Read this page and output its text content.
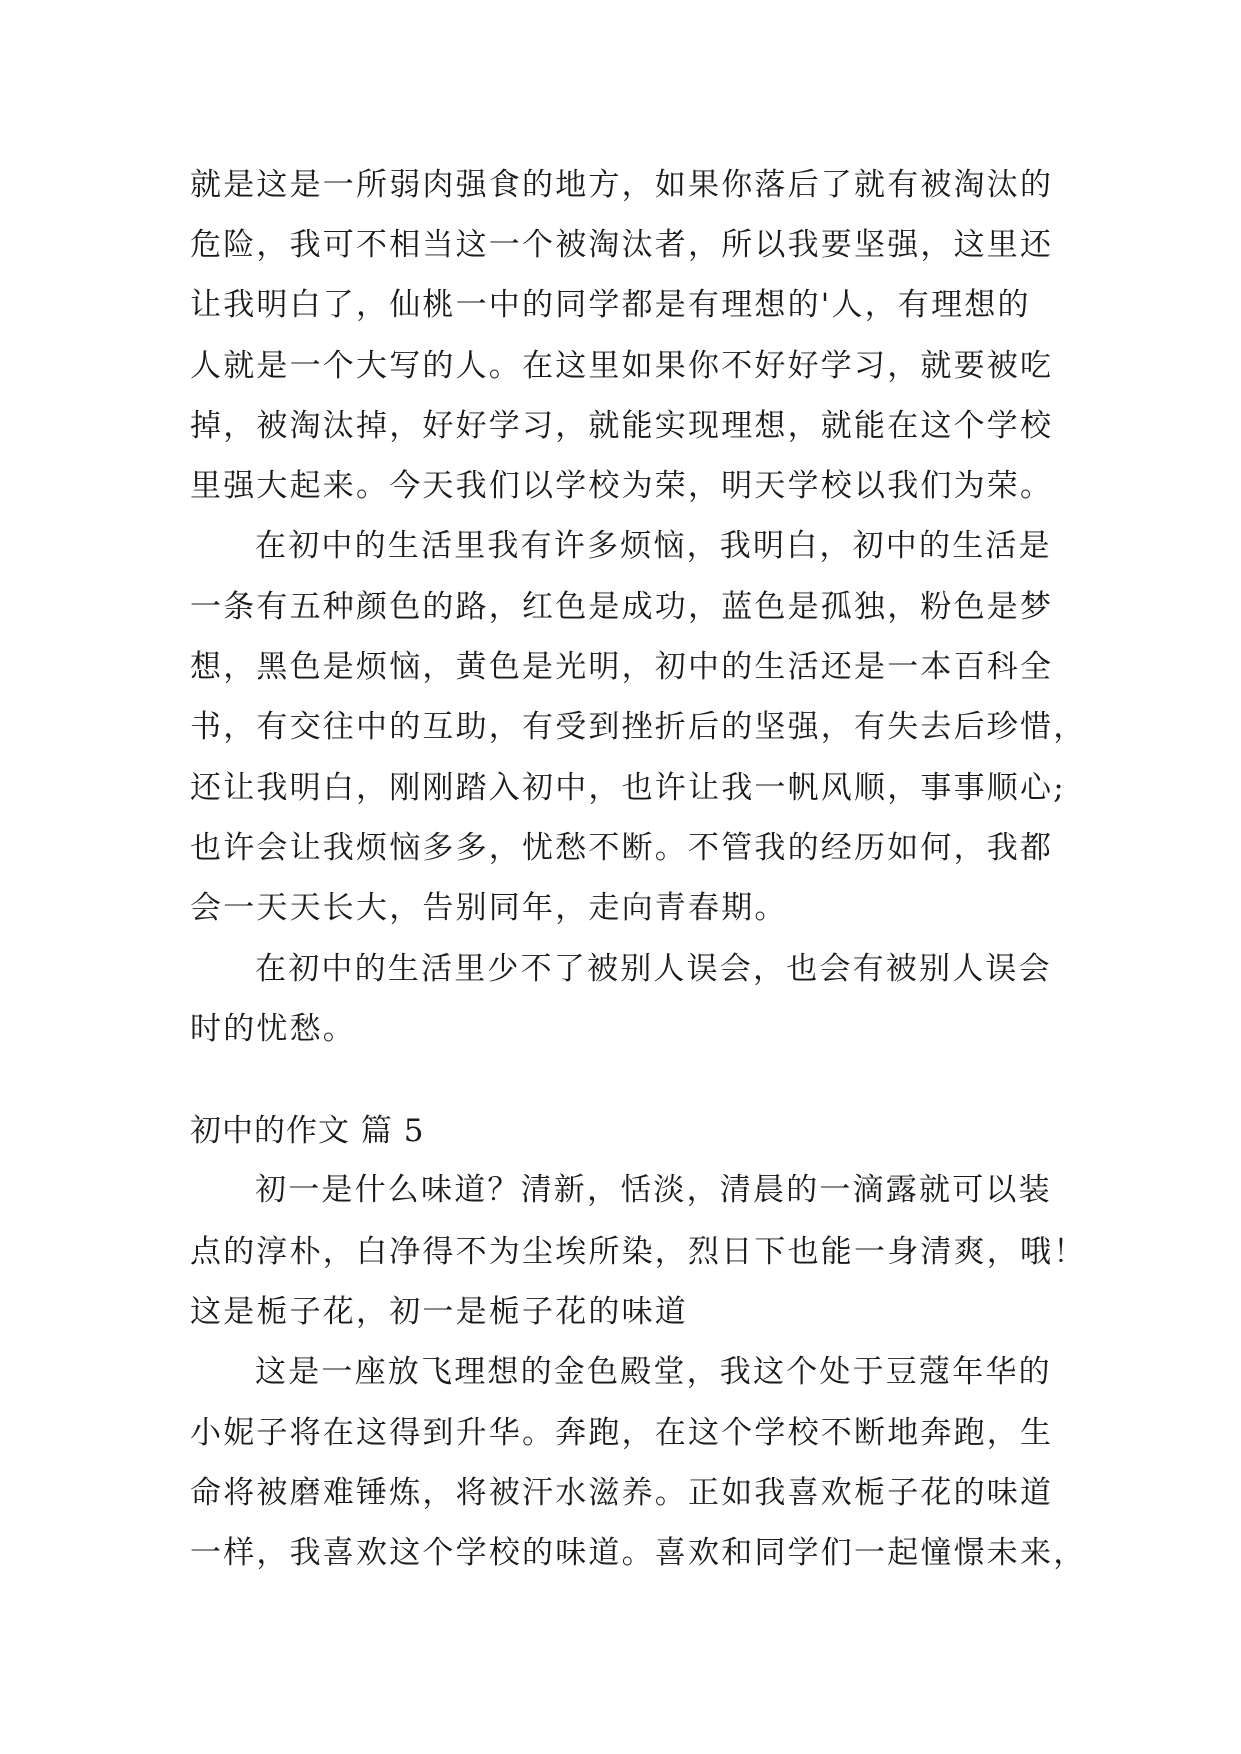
就是这是一所弱肉强食的地方，如果你落后了就有被淘汰的
危险，我可不相当这一个被淘汰者，所以我要坚强，这里还
让我明白了，仙桃一中的同学都是有理想的'人，有理想的
人就是一个大写的人。在这里如果你不好好学习，就要被吃
掉，被淘汰掉，好好学习，就能实现理想，就能在这个学校
里强大起来。今天我们以学校为荣，明天学校以我们为荣。
在初中的生活里我有许多烦恼，我明白，初中的生活是
一条有五种颜色的路，红色是成功，蓝色是孤独，粉色是梦
想，黑色是烦恼，黄色是光明，初中的生活还是一本百科全
书，有交往中的互助，有受到挫折后的坚强，有失去后珍惜，
还让我明白，刚刚踏入初中，也许让我一帆风顺，事事顺心;
也许会让我烦恼多多，忧愁不断。不管我的经历如何，我都
会一天天长大，告别同年，走向青春期。
在初中的生活里少不了被别人误会，也会有被别人误会
时的忧愁。
初中的作文 篇 5
初一是什么味道？清新，恬淡，清晨的一滴露就可以装
点的淳朴，白净得不为尘埃所染，烈日下也能一身清爽，哦！
这是栀子花，初一是栀子花的味道
这是一座放飞理想的金色殿堂，我这个处于豆蔻年华的
小妮子将在这得到升华。奔跑，在这个学校不断地奔跑，生
命将被磨难锤炼，将被汗水滋养。正如我喜欢栀子花的味道
一样，我喜欢这个学校的味道。喜欢和同学们一起憧憬未来，
